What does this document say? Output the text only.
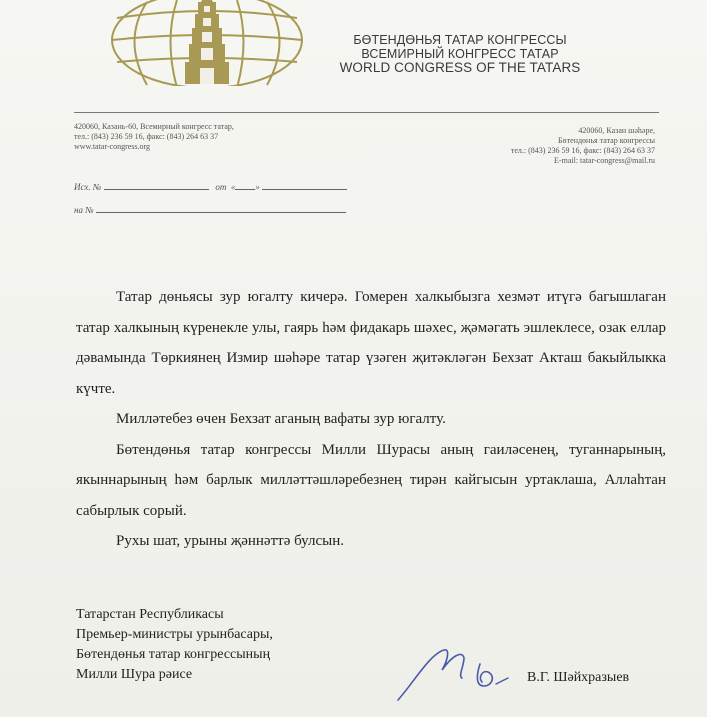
БӨТЕНДӨНЬЯ ТАТАР КОНГРЕССЫ
ВСЕМИРНЫЙ КОНГРЕСС ТАТАР
WORLD CONGRESS OF THE TATARS
420060, Казань-60, Всемирный конгресс татар,
тел.: (843) 236 59 16, факс: (843) 264 63 37
www.tatar-congress.org
420060, Казан шәһәре,
Бөтендөнья татар конгрессы
тел.: (843) 236 59 16, факс: (843) 264 63 37
E-mail: tatar-congress@mail.ru
Исх. №	от « »
на №

Татар дөньясы зур югалту кичерә. Гомерен халкыбызга хезмәт итүгә багышлаган татар халкының күренекле улы, гаярь һәм фидакарь шәхес, җәмәгать эшлеклесе, озак еллар дәвамында Төркиянең Измир шәһәре татар үзәген җитәкләгән Бехзат Акташ бакыйлыкка күчте.

Милләтебез өчен Бехзат аганың вафаты зур югалту.

Бөтендөнья татар конгрессы Милли Шурасы аның гаиләсенең, туганнарының, якыннарының һәм барлык милләттәшләребезнең тирән кайгысын уртаклаша, Аллаһтан сабырлык сорый.

Рухы шат, урыны җәннәттә булсын.

Татарстан Республикасы
Премьер-министры урынбасары,
Бөтендөнья татар конгрессының
Милли Шура рәисе	В.Г. Шәйхразыев
